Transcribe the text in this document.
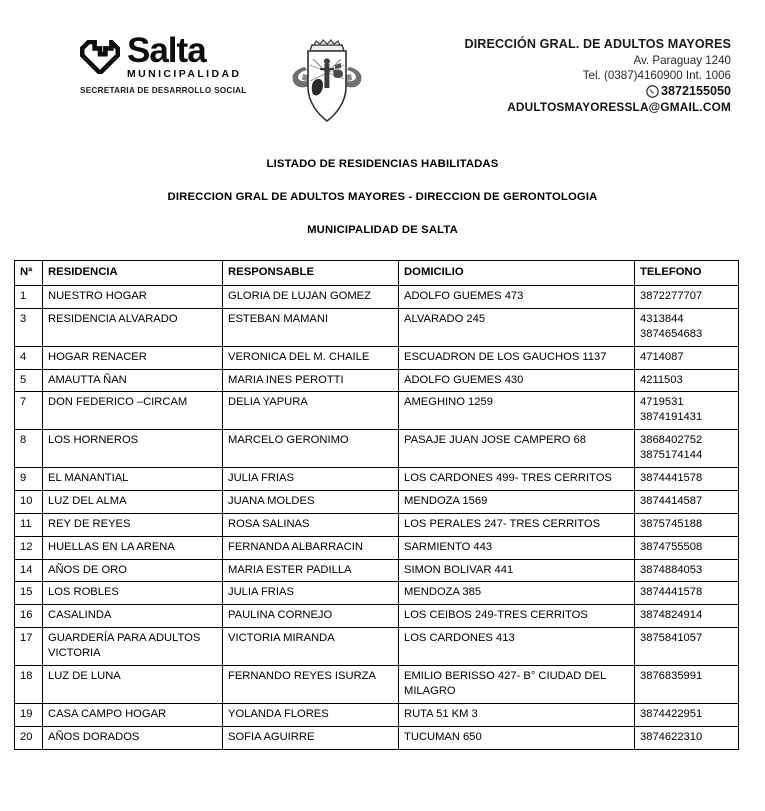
Salta
MUNICIPALIDAD
SECRETARIA DE DESARROLLO SOCIAL
DIRECCIÓN GRAL. DE ADULTOS MAYORES
Av. Paraguay 1240
Tel. (0387)4160900 Int. 1006
3872155050
ADULTOSMAYORESSLA@GMAIL.COM
LISTADO DE RESIDENCIAS HABILITADAS
DIRECCION GRAL DE ADULTOS MAYORES - DIRECCION DE GERONTOLOGIA
MUNICIPALIDAD DE SALTA
Nª	RESIDENCIA	RESPONSABLE	DOMICILIO	TELEFONO
1	NUESTRO HOGAR	GLORIA DE LUJAN GOMEZ	ADOLFO GUEMES 473	3872277707

3	RESIDENCIA ALVARADO	ESTEBAN MAMANI	ALVARADO 245	4313844
3874654683

4	HOGAR RENACER	VERONICA DEL M. CHAILE	ESCUADRON DE LOS GAUCHOS 1137	4714087

5	AMAUTTA ÑAN	MARIA INES PEROTTI	ADOLFO GUEMES 430	4211503

7	DON FEDERICO –CIRCAM	DELIA YAPURA	AMEGHINO 1259	4719531
3874191431

8	LOS HORNEROS	MARCELO GERONIMO	PASAJE JUAN JOSE CAMPERO 68	3868402752
3875174144

9	EL MANANTIAL	JULIA FRIAS	LOS CARDONES 499- TRES CERRITOS	3874441578

10	LUZ DEL ALMA	JUANA MOLDES	MENDOZA 1569	3874414587

11	REY DE REYES	ROSA SALINAS	LOS PERALES 247- TRES CERRITOS	3875745188

12	HUELLAS EN LA ARENA	FERNANDA ALBARRACIN	SARMIENTO 443	3874755508

14	AÑOS DE ORO	MARIA ESTER PADILLA	SIMON BOLIVAR 441	3874884053

15	LOS ROBLES	JULIA FRIAS	MENDOZA 385	3874441578

16	CASALINDA	PAULINA CORNEJO	LOS CEIBOS 249-TRES CERRITOS	3874824914

17	GUARDERÍA PARA ADULTOS VICTORIA	VICTORIA MIRANDA	LOS CARDONES 413	3875841057

18	LUZ DE LUNA	FERNANDO REYES ISURZA	EMILIO BERISSO 427- B° CIUDAD DEL MILAGRO	3876835991

19	CASA CAMPO HOGAR	YOLANDA FLORES	RUTA 51 KM 3	3874422951

20	AÑOS DORADOS	SOFIA AGUIRRE	TUCUMAN 650	3874622310
